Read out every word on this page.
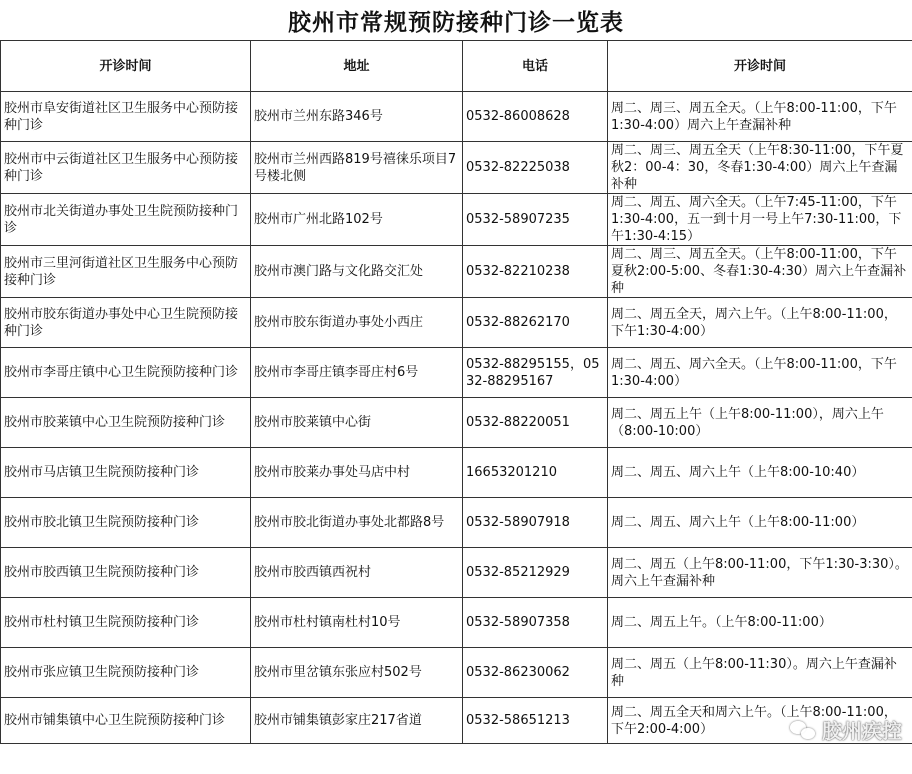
胶州市常规预防接种门诊一览表
开诊时间	地址	电话	开诊时间
胶州市阜安街道社区卫生服务中心预防接种门诊	胶州市兰州东路346号	0532-86008628	周二、周三、周五全天。（上午8:00-11:00，下午1:30-4:00）周六上午查漏补种
胶州市中云街道社区卫生服务中心预防接种门诊	胶州市兰州西路819号禧徕乐项目7号楼北侧	0532-82225038	周二、周三、周五全天（上午8:30-11:00，下午夏秋2：00-4：30，冬春1:30-4:00）周六上午查漏补种
胶州市北关街道办事处卫生院预防接种门诊	胶州市广州北路102号	0532-58907235	周二、周五、周六全天。（上午7:45-11:00，下午1:30-4:00，五一到十月一号上午7:30-11:00，下午1:30-4:15）
胶州市三里河街道社区卫生服务中心预防接种门诊	胶州市澳门路与文化路交汇处	0532-82210238	周二、周三、周五全天。（上午8:00-11:00，下午夏秋2:00-5:00、冬春1:30-4:30）周六上午查漏补种
胶州市胶东街道办事处中心卫生院预防接种门诊	胶州市胶东街道办事处小西庄	0532-88262170	周二、周五全天，周六上午。（上午8:00-11:00，下午1:30-4:00）
胶州市李哥庄镇中心卫生院预防接种门诊	胶州市李哥庄镇李哥庄村6号	0532-88295155，0532-88295167	周二、周五、周六全天。（上午8:00-11:00，下午1:30-4:00）
胶州市胶莱镇中心卫生院预防接种门诊	胶州市胶莱镇中心街	0532-88220051	周二、周五上午（上午8:00-11:00），周六上午（8:00-10:00）
胶州市马店镇卫生院预防接种门诊	胶州市胶莱办事处马店中村	16653201210	周二、周五、周六上午（上午8:00-10:40）
胶州市胶北镇卫生院预防接种门诊	胶州市胶北街道办事处北都路8号	0532-58907918	周二、周五、周六上午（上午8:00-11:00）
胶州市胶西镇卫生院预防接种门诊	胶州市胶西镇西祝村	0532-85212929	周二、周五（上午8:00-11:00，下午1:30-3:30）。周六上午查漏补种
胶州市杜村镇卫生院预防接种门诊	胶州市杜村镇南杜村10号	0532-58907358	周二、周五上午。（上午8:00-11:00）
胶州市张应镇卫生院预防接种门诊	胶州市里岔镇东张应村502号	0532-86230062	周二、周五（上午8:00-11:30）。周六上午查漏补种
胶州市铺集镇中心卫生院预防接种门诊	胶州市铺集镇彭家庄217省道	0532-58651213	周二、周五全天和周六上午。（上午8:00-11:00，下午2:00-4:00）	胶州疾控
